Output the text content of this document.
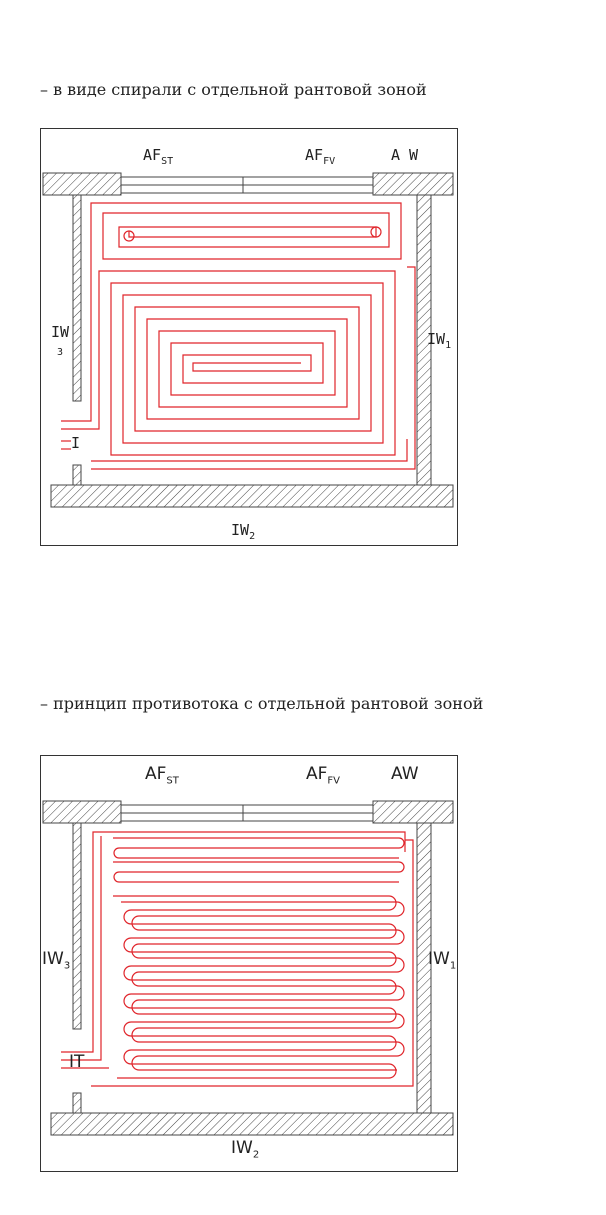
– в виде спирали с отдельной рантовой зоной
$AF_{ST}$	$AF_{FV}$	A W
IW
3
$IW_1$
$IW_2$
I
– принцип противотока с отдельной рантовой зоной
$AF_{ST}$	$AF_{FV}$	AW
$IW_3$	$IW_1$
$IW_2$
IT
